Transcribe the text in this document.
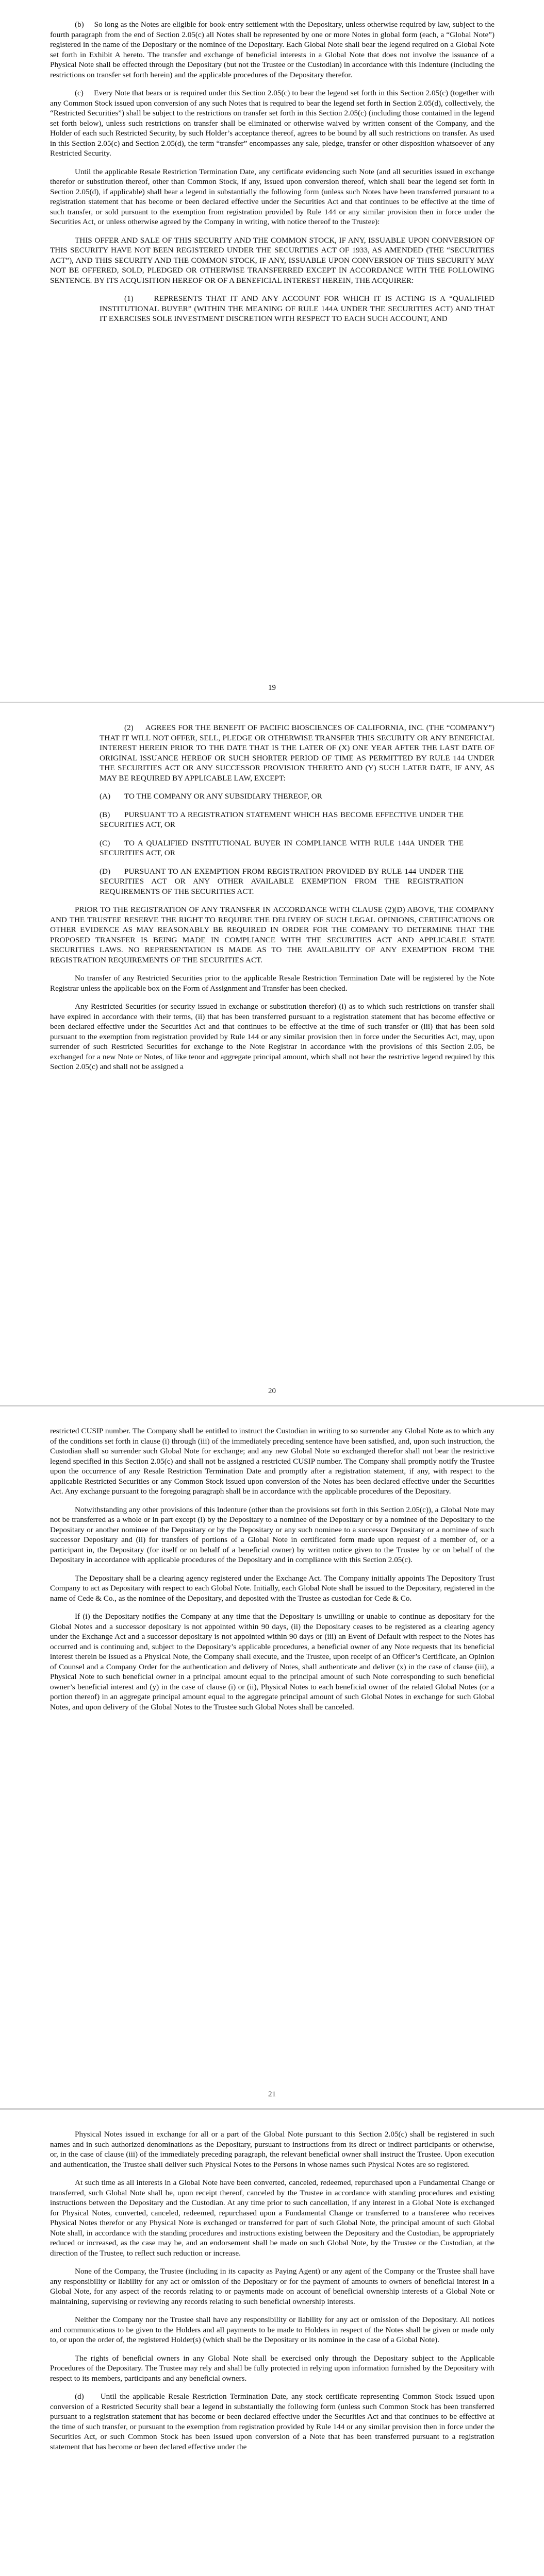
(b)     So long as the Notes are eligible for book-entry settlement with the Depositary, unless otherwise required by law, subject to the fourth paragraph from the end of Section 2.05(c) all Notes shall be represented by one or more Notes in global form (each, a “Global Note”) registered in the name of the Depositary or the nominee of the Depositary. Each Global Note shall bear the legend required on a Global Note set forth in Exhibit A hereto. The transfer and exchange of beneficial interests in a Global Note that does not involve the issuance of a Physical Note shall be effected through the Depositary (but not the Trustee or the Custodian) in accordance with this Indenture (including the restrictions on transfer set forth herein) and the applicable procedures of the Depositary therefor.

(c)     Every Note that bears or is required under this Section 2.05(c) to bear the legend set forth in this Section 2.05(c) (together with any Common Stock issued upon conversion of any such Notes that is required to bear the legend set forth in Section 2.05(d), collectively, the “Restricted Securities”) shall be subject to the restrictions on transfer set forth in this Section 2.05(c) (including those contained in the legend set forth below), unless such restrictions on transfer shall be eliminated or otherwise waived by written consent of the Company, and the Holder of each such Restricted Security, by such Holder’s acceptance thereof, agrees to be bound by all such restrictions on transfer. As used in this Section 2.05(c) and Section 2.05(d), the term “transfer” encompasses any sale, pledge, transfer or other disposition whatsoever of any Restricted Security.

Until the applicable Resale Restriction Termination Date, any certificate evidencing such Note (and all securities issued in exchange therefor or substitution thereof, other than Common Stock, if any, issued upon conversion thereof, which shall bear the legend set forth in Section 2.05(d), if applicable) shall bear a legend in substantially the following form (unless such Notes have been transferred pursuant to a registration statement that has become or been declared effective under the Securities Act and that continues to be effective at the time of such transfer, or sold pursuant to the exemption from registration provided by Rule 144 or any similar provision then in force under the Securities Act, or unless otherwise agreed by the Company in writing, with notice thereof to the Trustee):

THIS OFFER AND SALE OF THIS SECURITY AND THE COMMON STOCK, IF ANY, ISSUABLE UPON CONVERSION OF THIS SECURITY HAVE NOT BEEN REGISTERED UNDER THE SECURITIES ACT OF 1933, AS AMENDED (THE “SECURITIES ACT”), AND THIS SECURITY AND THE COMMON STOCK, IF ANY, ISSUABLE UPON CONVERSION OF THIS SECURITY MAY NOT BE OFFERED, SOLD, PLEDGED OR OTHERWISE TRANSFERRED EXCEPT IN ACCORDANCE WITH THE FOLLOWING SENTENCE. BY ITS ACQUISITION HEREOF OR OF A BENEFICIAL INTEREST HEREIN, THE ACQUIRER:

(1)     REPRESENTS THAT IT AND ANY ACCOUNT FOR WHICH IT IS ACTING IS A “QUALIFIED INSTITUTIONAL BUYER” (WITHIN THE MEANING OF RULE 144A UNDER THE SECURITIES ACT) AND THAT IT EXERCISES SOLE INVESTMENT DISCRETION WITH RESPECT TO EACH SUCH ACCOUNT, AND

19

(2)     AGREES FOR THE BENEFIT OF PACIFIC BIOSCIENCES OF CALIFORNIA, INC. (THE “COMPANY”) THAT IT WILL NOT OFFER, SELL, PLEDGE OR OTHERWISE TRANSFER THIS SECURITY OR ANY BENEFICIAL INTEREST HEREIN PRIOR TO THE DATE THAT IS THE LATER OF (X) ONE YEAR AFTER THE LAST DATE OF ORIGINAL ISSUANCE HEREOF OR SUCH SHORTER PERIOD OF TIME AS PERMITTED BY RULE 144 UNDER THE SECURITIES ACT OR ANY SUCCESSOR PROVISION THERETO AND (Y) SUCH LATER DATE, IF ANY, AS MAY BE REQUIRED BY APPLICABLE LAW, EXCEPT:

(A) TO THE COMPANY OR ANY SUBSIDIARY THEREOF, OR

(B) PURSUANT TO A REGISTRATION STATEMENT WHICH HAS BECOME EFFECTIVE UNDER THE SECURITIES ACT, OR

(C) TO A QUALIFIED INSTITUTIONAL BUYER IN COMPLIANCE WITH RULE 144A UNDER THE SECURITIES ACT, OR

(D) PURSUANT TO AN EXEMPTION FROM REGISTRATION PROVIDED BY RULE 144 UNDER THE SECURITIES ACT OR ANY OTHER AVAILABLE EXEMPTION FROM THE REGISTRATION REQUIREMENTS OF THE SECURITIES ACT.

PRIOR TO THE REGISTRATION OF ANY TRANSFER IN ACCORDANCE WITH CLAUSE (2)(D) ABOVE, THE COMPANY AND THE TRUSTEE RESERVE THE RIGHT TO REQUIRE THE DELIVERY OF SUCH LEGAL OPINIONS, CERTIFICATIONS OR OTHER EVIDENCE AS MAY REASONABLY BE REQUIRED IN ORDER FOR THE COMPANY TO DETERMINE THAT THE PROPOSED TRANSFER IS BEING MADE IN COMPLIANCE WITH THE SECURITIES ACT AND APPLICABLE STATE SECURITIES LAWS. NO REPRESENTATION IS MADE AS TO THE AVAILABILITY OF ANY EXEMPTION FROM THE REGISTRATION REQUIREMENTS OF THE SECURITIES ACT.

No transfer of any Restricted Securities prior to the applicable Resale Restriction Termination Date will be registered by the Note Registrar unless the applicable box on the Form of Assignment and Transfer has been checked.

Any Restricted Securities (or security issued in exchange or substitution therefor) (i) as to which such restrictions on transfer shall have expired in accordance with their terms, (ii) that has been transferred pursuant to a registration statement that has become effective or been declared effective under the Securities Act and that continues to be effective at the time of such transfer or (iii) that has been sold pursuant to the exemption from registration provided by Rule 144 or any similar provision then in force under the Securities Act, may, upon surrender of such Restricted Securities for exchange to the Note Registrar in accordance with the provisions of this Section 2.05, be exchanged for a new Note or Notes, of like tenor and aggregate principal amount, which shall not bear the restrictive legend required by this Section 2.05(c) and shall not be assigned a

20

restricted CUSIP number. The Company shall be entitled to instruct the Custodian in writing to so surrender any Global Note as to which any of the conditions set forth in clause (i) through (iii) of the immediately preceding sentence have been satisfied, and, upon such instruction, the Custodian shall so surrender such Global Note for exchange; and any new Global Note so exchanged therefor shall not bear the restrictive legend specified in this Section 2.05(c) and shall not be assigned a restricted CUSIP number. The Company shall promptly notify the Trustee upon the occurrence of any Resale Restriction Termination Date and promptly after a registration statement, if any, with respect to the applicable Restricted Securities or any Common Stock issued upon conversion of the Notes has been declared effective under the Securities Act. Any exchange pursuant to the foregoing paragraph shall be in accordance with the applicable procedures of the Depositary.

Notwithstanding any other provisions of this Indenture (other than the provisions set forth in this Section 2.05(c)), a Global Note may not be transferred as a whole or in part except (i) by the Depositary to a nominee of the Depositary or by a nominee of the Depositary to the Depositary or another nominee of the Depositary or by the Depositary or any such nominee to a successor Depositary or a nominee of such successor Depositary and (ii) for transfers of portions of a Global Note in certificated form made upon request of a member of, or a participant in, the Depositary (for itself or on behalf of a beneficial owner) by written notice given to the Trustee by or on behalf of the Depositary in accordance with applicable procedures of the Depositary and in compliance with this Section 2.05(c).

The Depositary shall be a clearing agency registered under the Exchange Act. The Company initially appoints The Depository Trust Company to act as Depositary with respect to each Global Note. Initially, each Global Note shall be issued to the Depositary, registered in the name of Cede & Co., as the nominee of the Depositary, and deposited with the Trustee as custodian for Cede & Co.

If (i) the Depositary notifies the Company at any time that the Depositary is unwilling or unable to continue as depositary for the Global Notes and a successor depositary is not appointed within 90 days, (ii) the Depositary ceases to be registered as a clearing agency under the Exchange Act and a successor depositary is not appointed within 90 days or (iii) an Event of Default with respect to the Notes has occurred and is continuing and, subject to the Depositary’s applicable procedures, a beneficial owner of any Note requests that its beneficial interest therein be issued as a Physical Note, the Company shall execute, and the Trustee, upon receipt of an Officer’s Certificate, an Opinion of Counsel and a Company Order for the authentication and delivery of Notes, shall authenticate and deliver (x) in the case of clause (iii), a Physical Note to such beneficial owner in a principal amount equal to the principal amount of such Note corresponding to such beneficial owner’s beneficial interest and (y) in the case of clause (i) or (ii), Physical Notes to each beneficial owner of the related Global Notes (or a portion thereof) in an aggregate principal amount equal to the aggregate principal amount of such Global Notes in exchange for such Global Notes, and upon delivery of the Global Notes to the Trustee such Global Notes shall be canceled.

21

Physical Notes issued in exchange for all or a part of the Global Note pursuant to this Section 2.05(c) shall be registered in such names and in such authorized denominations as the Depositary, pursuant to instructions from its direct or indirect participants or otherwise, or, in the case of clause (iii) of the immediately preceding paragraph, the relevant beneficial owner shall instruct the Trustee. Upon execution and authentication, the Trustee shall deliver such Physical Notes to the Persons in whose names such Physical Notes are so registered.

At such time as all interests in a Global Note have been converted, canceled, redeemed, repurchased upon a Fundamental Change or transferred, such Global Note shall be, upon receipt thereof, canceled by the Trustee in accordance with standing procedures and existing instructions between the Depositary and the Custodian. At any time prior to such cancellation, if any interest in a Global Note is exchanged for Physical Notes, converted, canceled, redeemed, repurchased upon a Fundamental Change or transferred to a transferee who receives Physical Notes therefor or any Physical Note is exchanged or transferred for part of such Global Note, the principal amount of such Global Note shall, in accordance with the standing procedures and instructions existing between the Depositary and the Custodian, be appropriately reduced or increased, as the case may be, and an endorsement shall be made on such Global Note, by the Trustee or the Custodian, at the direction of the Trustee, to reflect such reduction or increase.

None of the Company, the Trustee (including in its capacity as Paying Agent) or any agent of the Company or the Trustee shall have any responsibility or liability for any act or omission of the Depositary or for the payment of amounts to owners of beneficial interest in a Global Note, for any aspect of the records relating to or payments made on account of beneficial ownership interests of a Global Note or maintaining, supervising or reviewing any records relating to such beneficial ownership interests.

Neither the Company nor the Trustee shall have any responsibility or liability for any act or omission of the Depositary. All notices and communications to be given to the Holders and all payments to be made to Holders in respect of the Notes shall be given or made only to, or upon the order of, the registered Holder(s) (which shall be the Depositary or its nominee in the case of a Global Note).

The rights of beneficial owners in any Global Note shall be exercised only through the Depositary subject to the Applicable Procedures of the Depositary. The Trustee may rely and shall be fully protected in relying upon information furnished by the Depositary with respect to its members, participants and any beneficial owners.

(d)     Until the applicable Resale Restriction Termination Date, any stock certificate representing Common Stock issued upon conversion of a Restricted Security shall bear a legend in substantially the following form (unless such Common Stock has been transferred pursuant to a registration statement that has become or been declared effective under the Securities Act and that continues to be effective at the time of such transfer, or pursuant to the exemption from registration provided by Rule 144 or any similar provision then in force under the Securities Act, or such Common Stock has been issued upon conversion of a Note that has been transferred pursuant to a registration statement that has become or been declared effective under the
